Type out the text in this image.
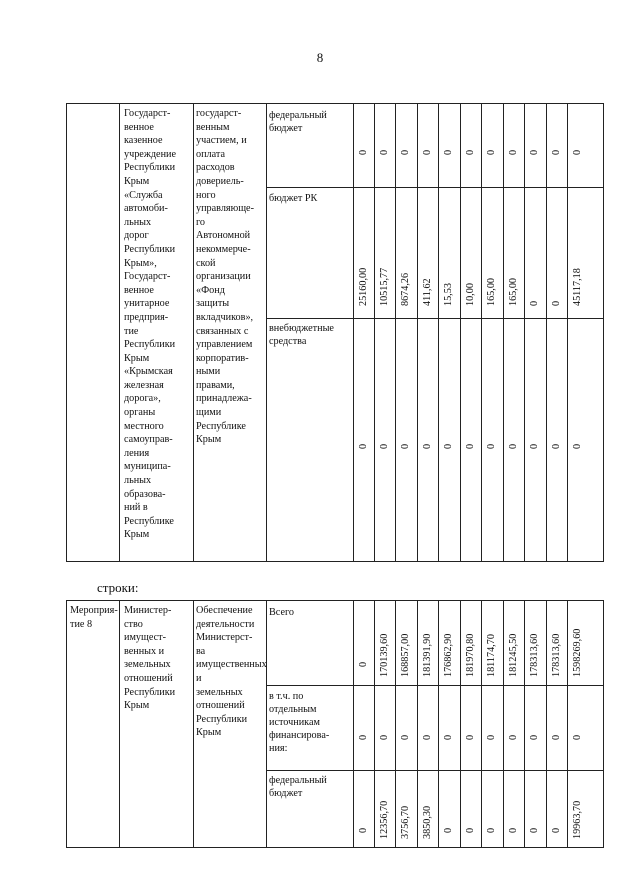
8
Государст-
венное
казенное
учреждение
Республики
Крым
«Служба
автомоби-
льных
дорог
Республики
Крым»,
Государст-
венное
унитарное
предприя-
тие
Республики
Крым
«Крымская
железная
дорога»,
органы
местного
самоуправ-
ления
муниципа-
льных
образова-
ний в
Республике
Крым
государст-
венным
участием, и
оплата
расходов
довериель-
ного
управляюще-
го
Автономной
некоммерче-
ской
организации
«Фонд
защиты
вкладчиков»,
связанных с
управлением
корпоратив-
ными
правами,
принадлежа-
щими
Республике
Крым
федеральный
бюджет
бюджет РК
внебюджетные
средства
0 0 0 0 0 0 0 0 0 0 0
25160,00 10515,77 8674,26 411,62 15,53 10,00 165,00 165,00 0 0 45117,18
0 0 0 0 0 0 0 0 0 0 0
строки:
Мероприя-
тие 8
Министер-
ство
имущест-
венных и
земельных
отношений
Республики
Крым
Обеспечение
деятельности
Министерст-
ва
имущественных и
земельных
отношений
Республики
Крым
Всего
в т.ч. по
отдельным
источникам
финансирова-
ния:
федеральный
бюджет
0 170139,60 168857,00 181391,90 176862,90 181970,80 181174,70 181245,50 178313,60 178313,60 1598269,60
0 0 0 0 0 0 0 0 0 0 0
0 12356,70 3756,70 3850,30 0 0 0 0 0 0 19963,70
